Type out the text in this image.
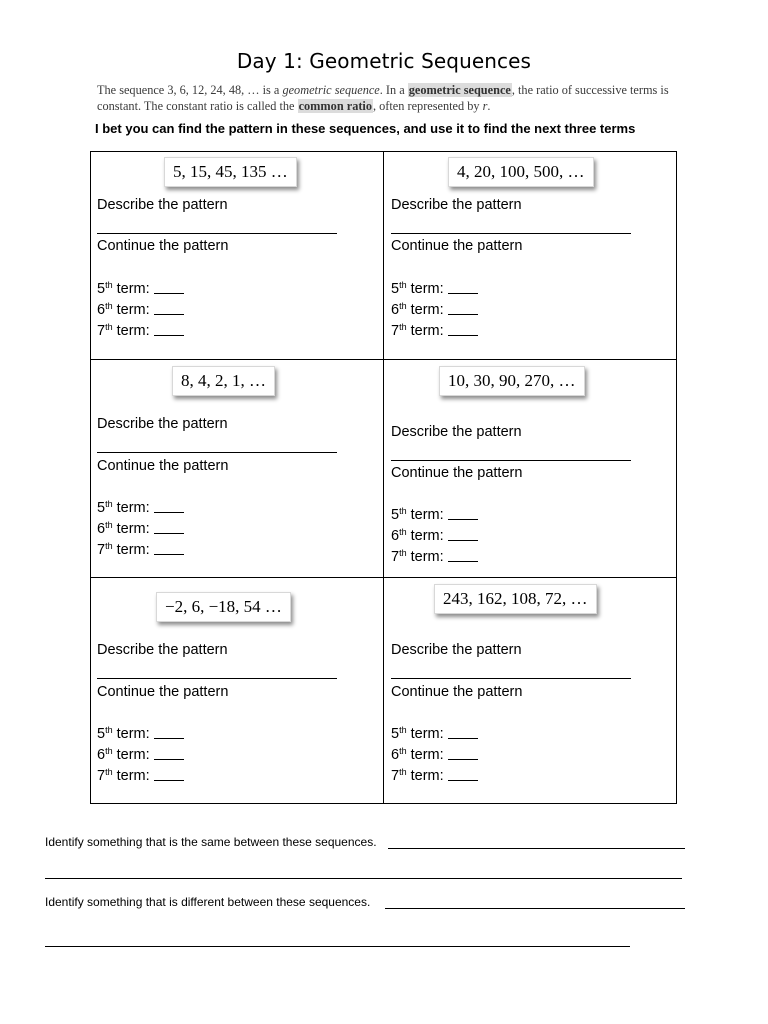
Day 1: Geometric Sequences
The sequence 3, 6, 12, 24, 48, … is a geometric sequence. In a geometric sequence, the ratio of successive terms is constant. The constant ratio is called the common ratio, often represented by r.
I bet you can find the pattern in these sequences, and use it to find the next three terms
5, 15, 45, 135 …
Describe the pattern
Continue the pattern
5th term:
6th term:
7th term:
4, 20, 100, 500, …
Describe the pattern
Continue the pattern
5th term:
6th term:
7th term:
8, 4, 2, 1, …
Describe the pattern
Continue the pattern
5th term:
6th term:
7th term:
10, 30, 90, 270, …
Describe the pattern
Continue the pattern
5th term:
6th term:
7th term:
−2, 6, −18, 54 …
Describe the pattern
Continue the pattern
5th term:
6th term:
7th term:
243, 162, 108, 72, …
Describe the pattern
Continue the pattern
5th term:
6th term:
7th term:
Identify something that is the same between these sequences.
Identify something that is different between these sequences.
